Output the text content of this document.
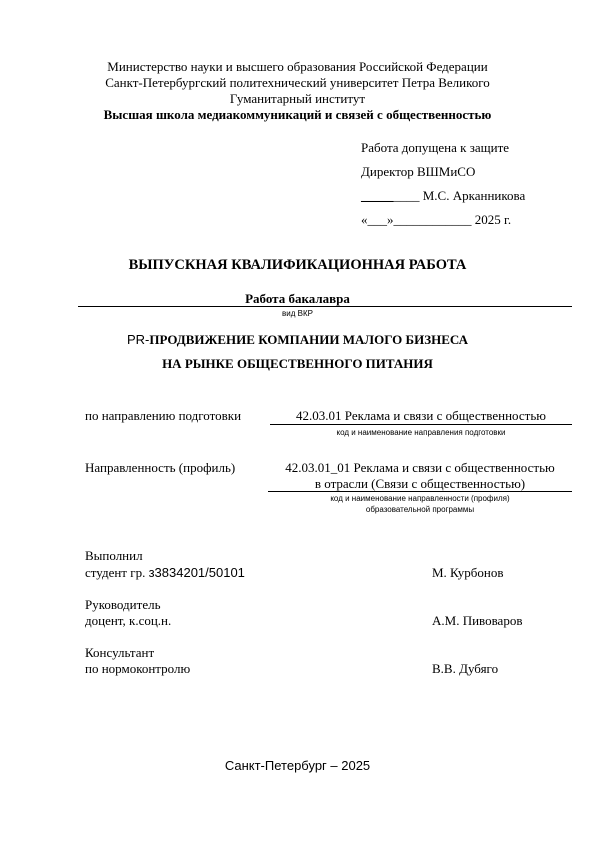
Министерство науки и высшего образования Российской Федерации
Санкт-Петербургский политехнический университет Петра Великого
Гуманитарный институт
Высшая школа медиакоммуникаций и связей с общественностью
Работа допущена к защите
Директор ВШМиСО
_________ М.С. Арканникова
«___»____________ 2025 г.
ВЫПУСКНАЯ КВАЛИФИКАЦИОННАЯ РАБОТА
Работа бакалавра
вид ВКР
PR-ПРОДВИЖЕНИЕ КОМПАНИИ МАЛОГО БИЗНЕСА
НА РЫНКЕ ОБЩЕСТВЕННОГО ПИТАНИЯ
по направлению подготовки	42.03.01 Реклама и связи с общественностью
код и наименование направления подготовки
Направленность (профиль)	42.03.01_01 Реклама и связи с общественностью
в отрасли (Связи с общественностью)
код и наименование направленности (профиля)
образовательной программы
Выполнил
студент гр. з3834201/50101	М. Курбонов
Руководитель
доцент, к.соц.н.	А.М. Пивоваров
Консультант
по нормоконтролю	В.В. Дубяго
Санкт-Петербург – 2025
